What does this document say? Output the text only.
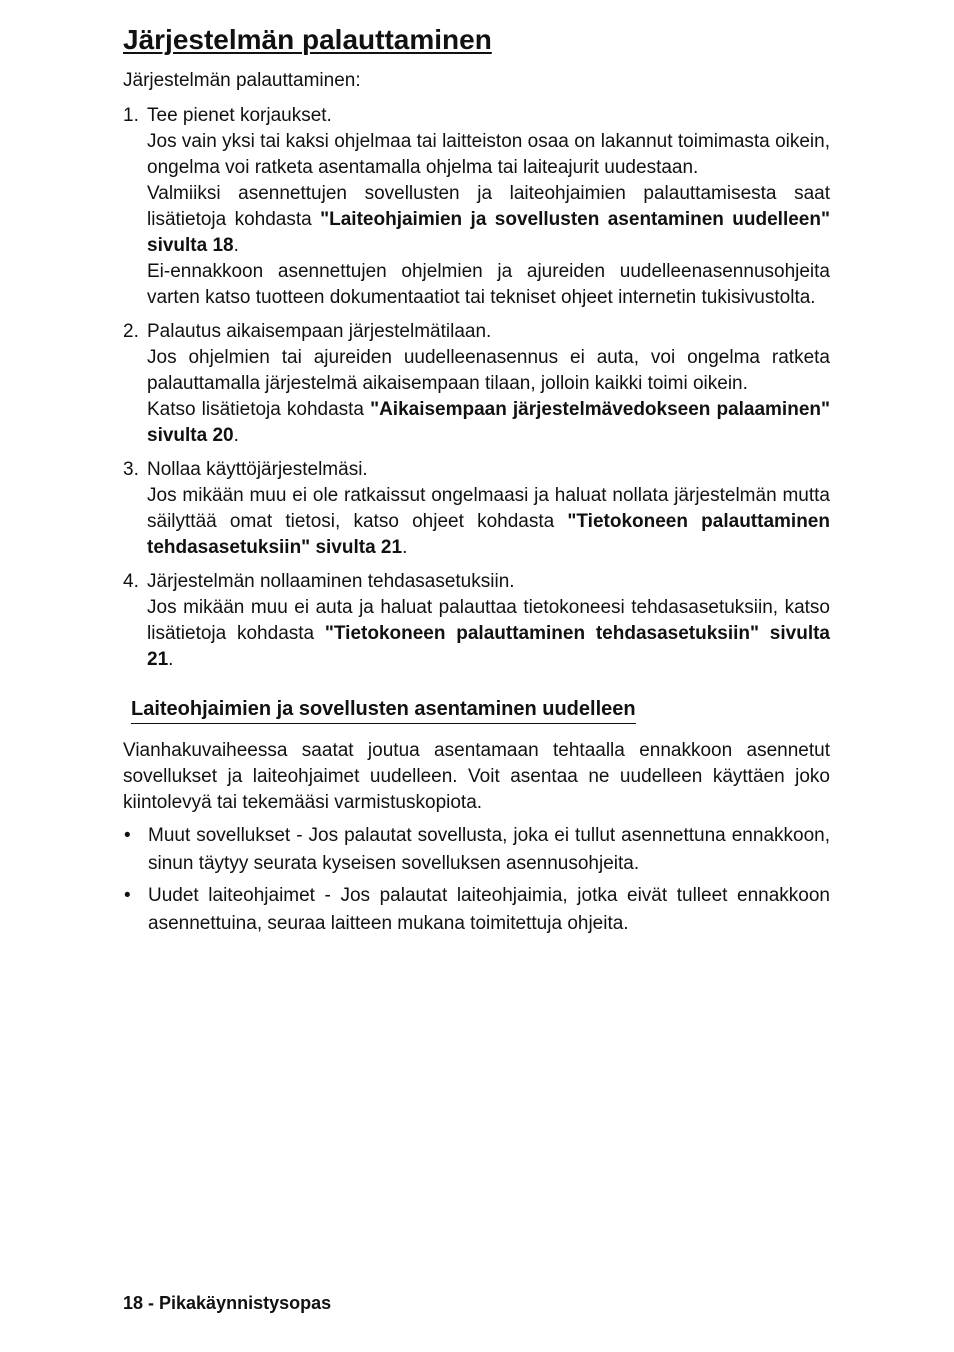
Järjestelmän palauttaminen

Järjestelmän palauttaminen:

1. Tee pienet korjaukset.
Jos vain yksi tai kaksi ohjelmaa tai laitteiston osaa on lakannut toimimasta oikein, ongelma voi ratketa asentamalla ohjelma tai laiteajurit uudestaan.
Valmiiksi asennettujen sovellusten ja laiteohjaimien palauttamisesta saat lisätietoja kohdasta "Laiteohjaimien ja sovellusten asentaminen uudelleen" sivulta 18.
Ei-ennakkoon asennettujen ohjelmien ja ajureiden uudelleenasennusohjeita varten katso tuotteen dokumentaatiot tai tekniset ohjeet internetin tukisivustolta.
2. Palautus aikaisempaan järjestelmätilaan.
Jos ohjelmien tai ajureiden uudelleenasennus ei auta, voi ongelma ratketa palauttamalla järjestelmä aikaisempaan tilaan, jolloin kaikki toimi oikein.
Katso lisätietoja kohdasta "Aikaisempaan järjestelmävedokseen palaaminen" sivulta 20.
3. Nollaa käyttöjärjestelmäsi.
Jos mikään muu ei ole ratkaissut ongelmaasi ja haluat nollata järjestelmän mutta säilyttää omat tietosi, katso ohjeet kohdasta "Tietokoneen palauttaminen tehdasasetuksiin" sivulta 21.
4. Järjestelmän nollaaminen tehdasasetuksiin.
Jos mikään muu ei auta ja haluat palauttaa tietokoneesi tehdasasetuksiin, katso lisätietoja kohdasta "Tietokoneen palauttaminen tehdasasetuksiin" sivulta 21.
Laiteohjaimien ja sovellusten asentaminen uudelleen

Vianhakuvaiheessa saatat joutua asentamaan tehtaalla ennakkoon asennetut sovellukset ja laiteohjaimet uudelleen. Voit asentaa ne uudelleen käyttäen joko kiintolevyä tai tekemääsi varmistuskopiota.

• Muut sovellukset - Jos palautat sovellusta, joka ei tullut asennettuna ennakkoon, sinun täytyy seurata kyseisen sovelluksen asennusohjeita.
• Uudet laiteohjaimet - Jos palautat laiteohjaimia, jotka eivät tulleet ennakkoon asennettuina, seuraa laitteen mukana toimitettuja ohjeita.
18 - Pikakäynnistysopas
